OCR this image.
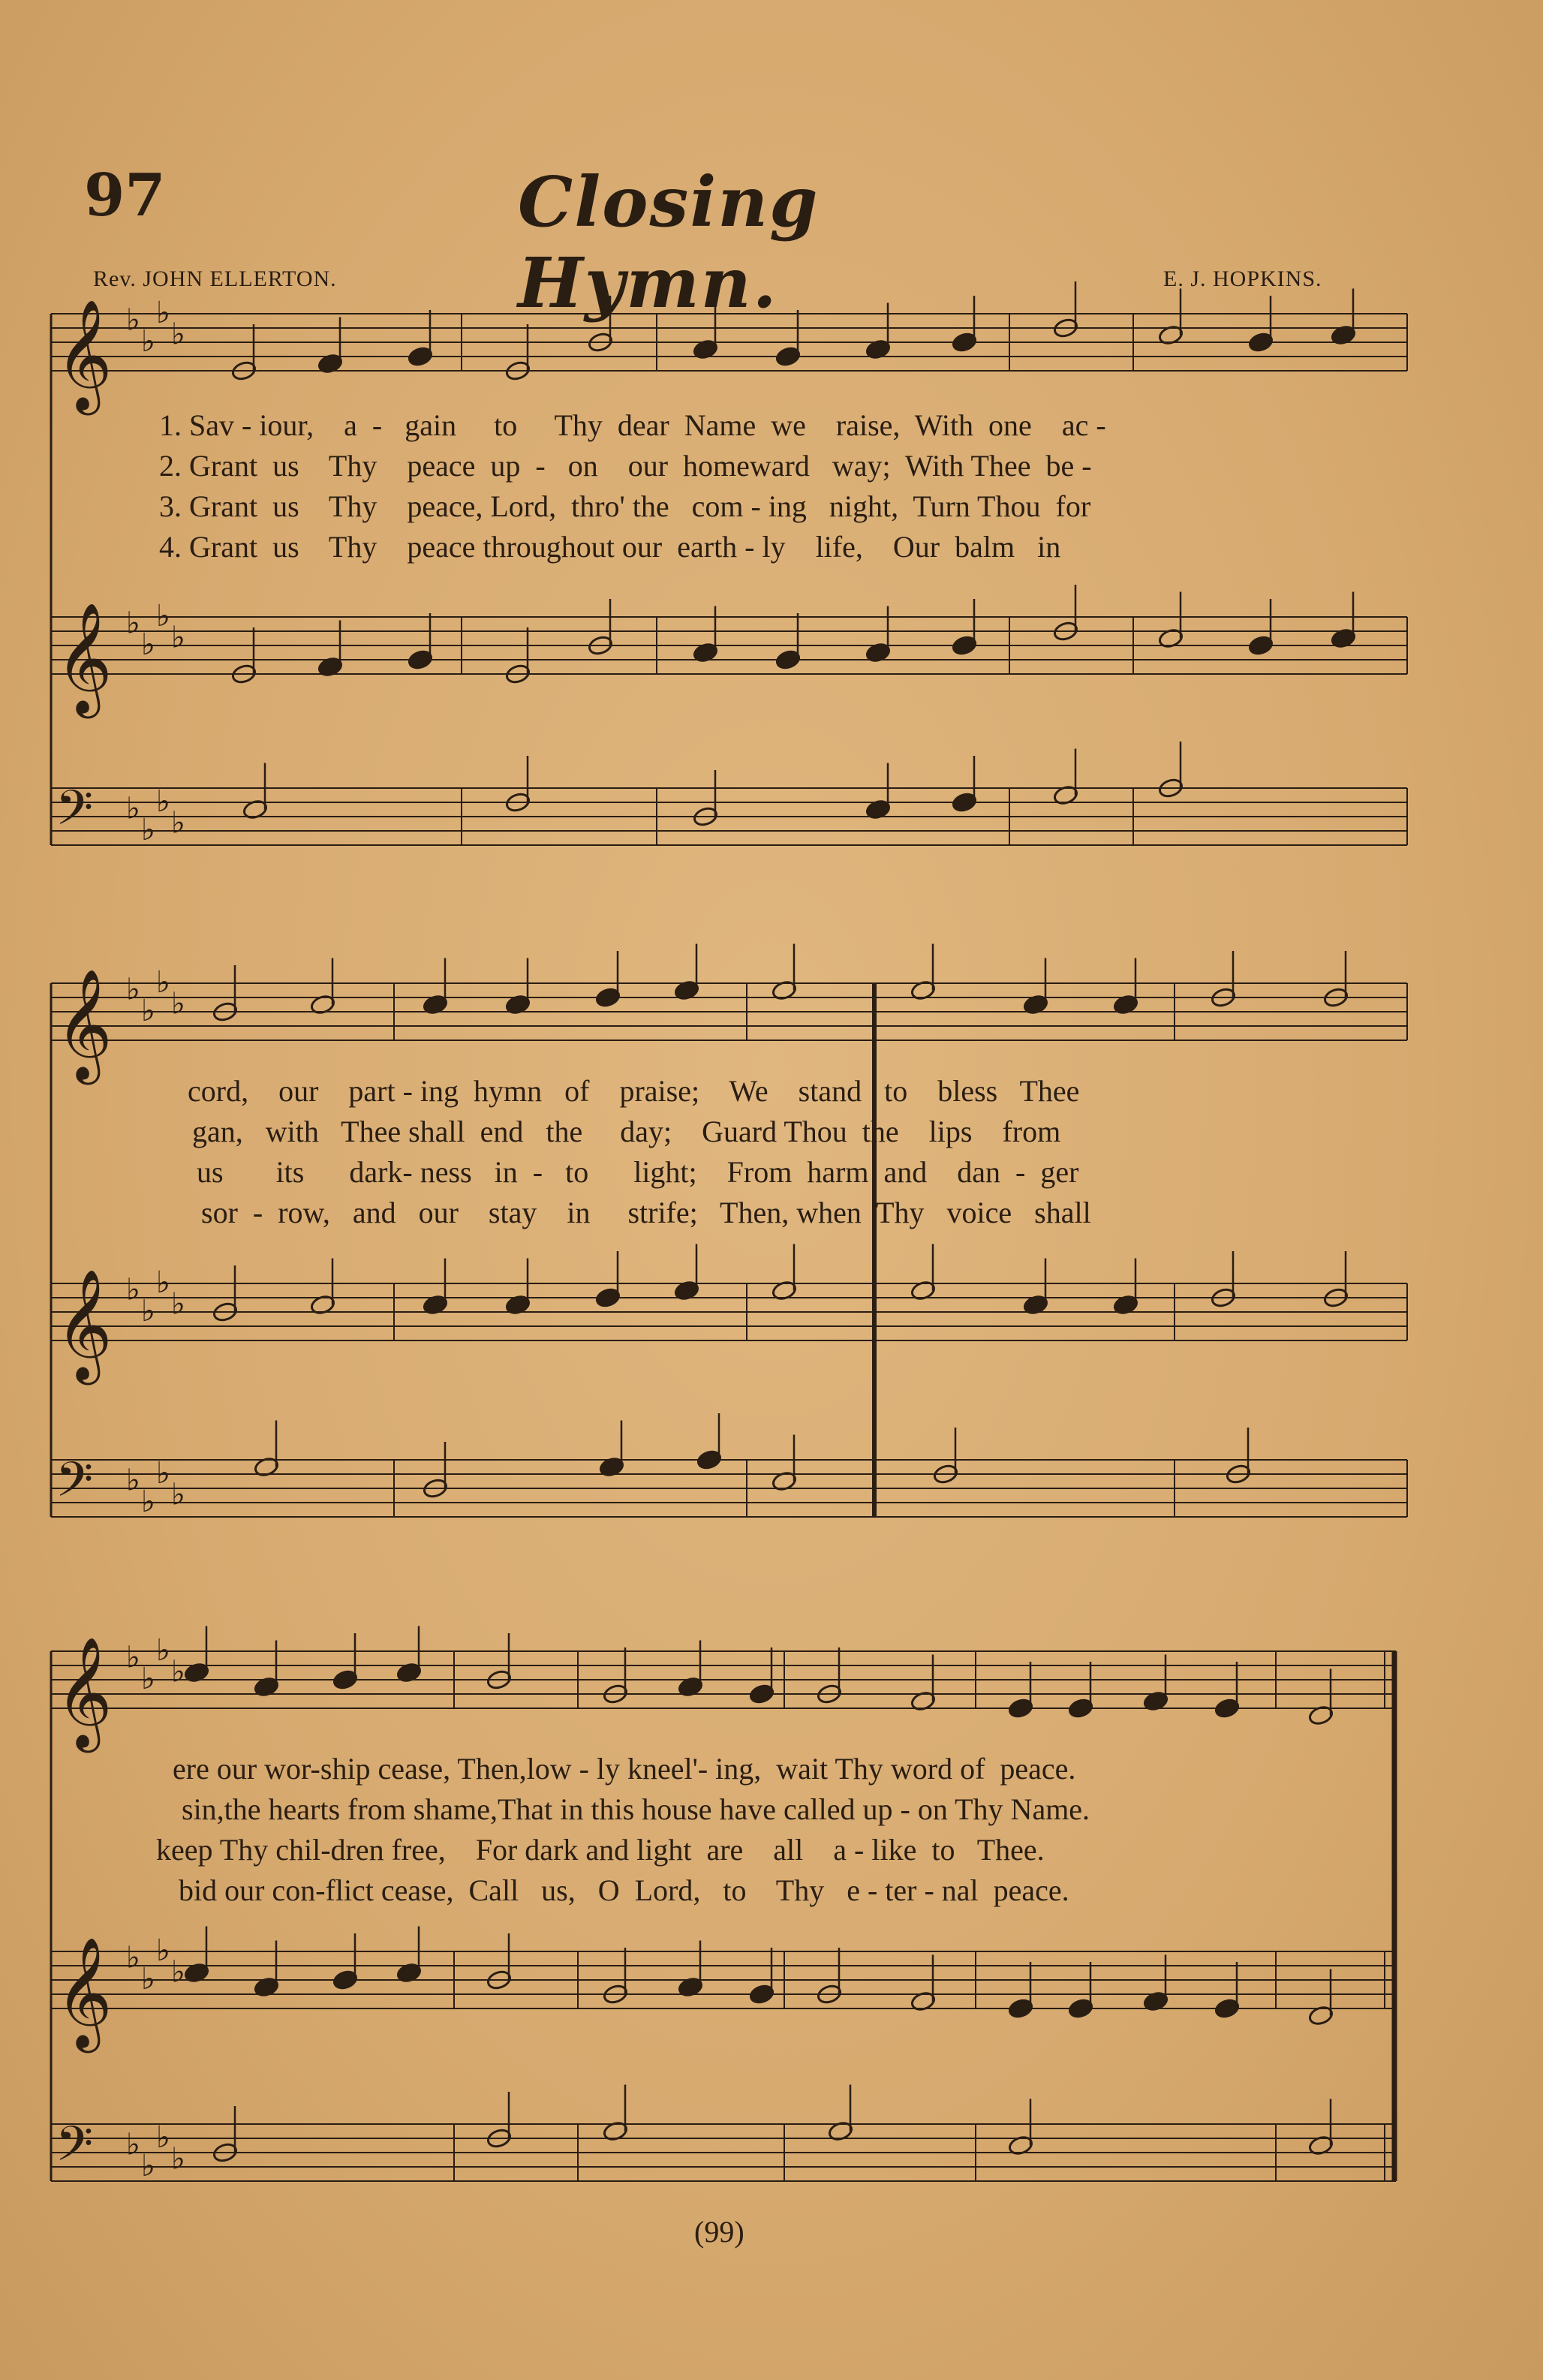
97	Closing Hymn.
Rev. JOHN ELLERTON.	E. J. HOPKINS.
𝄞 ♭
♭
♭
♭
𝄞 ♭
♭
♭
♭
𝄢 ♭
♭
♭
♭
𝄞 ♭
♭
♭
♭
𝄞 ♭
♭
♭
♭
𝄢 ♭
♭
♭
♭
𝄞 ♭
♭
♭
♭
𝄞 ♭
♭
♭
♭
𝄢 ♭
♭
♭
♭
1. Sav - iour,    a  -   gain     to     Thy  dear  Name  we    raise,  With  one    ac -
2. Grant  us    Thy    peace  up  -   on    our  homeward   way;  With Thee  be -
3. Grant  us    Thy    peace, Lord,  thro' the   com - ing   night,  Turn Thou  for
4. Grant  us    Thy    peace throughout our  earth - ly    life,    Our  balm   in
cord,    our    part - ing  hymn   of    praise;    We    stand   to    bless   Thee
gan,   with   Thee shall  end   the     day;    Guard Thou  the    lips    from
us       its      dark- ness   in  -   to      light;    From  harm  and    dan  -  ger
sor  -  row,   and   our    stay    in     strife;   Then, when  Thy   voice   shall
ere our wor-ship cease, Then,low - ly kneel'- ing,  wait Thy word of  peace.
sin,the hearts from shame,That in this house have called up - on Thy Name.
keep Thy chil-dren free,    For dark and light  are    all    a - like  to   Thee.
bid our con-flict cease,  Call   us,   O  Lord,   to    Thy   e - ter - nal  peace.
(99)
